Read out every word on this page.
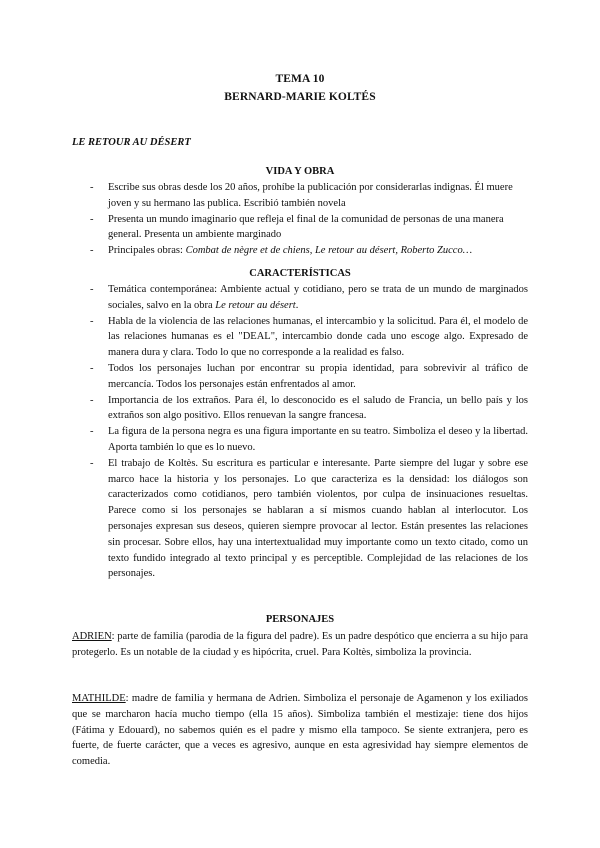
TEMA 10
BERNARD-MARIE KOLTÉS
LE RETOUR AU DÉSERT
VIDA Y OBRA
- Escribe sus obras desde los 20 años, prohíbe la publicación por considerarlas indignas. Él muere joven y su hermano las publica. Escribió también novela
- Presenta un mundo imaginario que refleja el final de la comunidad de personas de una manera general. Presenta un ambiente marginado
- Principales obras: Combat de nègre et de chiens, Le retour au désert, Roberto Zucco…
CARACTERÍSTICAS
- Temática contemporánea: Ambiente actual y cotidiano, pero se trata de un mundo de marginados sociales, salvo en la obra Le retour au désert.
- Habla de la violencia de las relaciones humanas, el intercambio y la solicitud. Para él, el modelo de las relaciones humanas es el "DEAL", intercambio donde cada uno escoge algo. Expresado de manera dura y clara. Todo lo que no corresponde a la realidad es falso.
- Todos los personajes luchan por encontrar su propia identidad, para sobrevivir al tráfico de mercancía. Todos los personajes están enfrentados al amor.
- Importancia de los extraños. Para él, lo desconocido es el saludo de Francia, un bello país y los extraños son algo positivo. Ellos renuevan la sangre francesa.
- La figura de la persona negra es una figura importante en su teatro. Simboliza el deseo y la libertad. Aporta también lo que es lo nuevo.
- El trabajo de Koltès. Su escritura es particular e interesante. Parte siempre del lugar y sobre ese marco hace la historia y los personajes. Lo que caracteriza es la densidad: los diálogos son caracterizados como cotidianos, pero también violentos, por culpa de insinuaciones resueltas. Parece como si los personajes se hablaran a sí mismos cuando hablan al interlocutor. Los personajes expresan sus deseos, quieren siempre provocar al lector. Están presentes las relaciones sin procesar. Sobre ellos, hay una intertextualidad muy importante como un texto citado, como un texto fundido integrado al texto principal y es perceptible. Complejidad de las relaciones de los personajes.
PERSONAJES

ADRIEN: parte de familia (parodia de la figura del padre). Es un padre despótico que encierra a su hijo para protegerlo. Es un notable de la ciudad y es hipócrita, cruel. Para Koltès, simboliza la provincia.

MATHILDE: madre de familia y hermana de Adrien. Simboliza el personaje de Agamenon y los exiliados que se marcharon hacía mucho tiempo (ella 15 años). Simboliza también el mestizaje: tiene dos hijos (Fátima y Edouard), no sabemos quién es el padre y mismo ella tampoco. Se siente extranjera, pero es fuerte, de fuerte carácter, que a veces es agresivo, aunque en esta agresividad hay siempre elementos de comedia.
